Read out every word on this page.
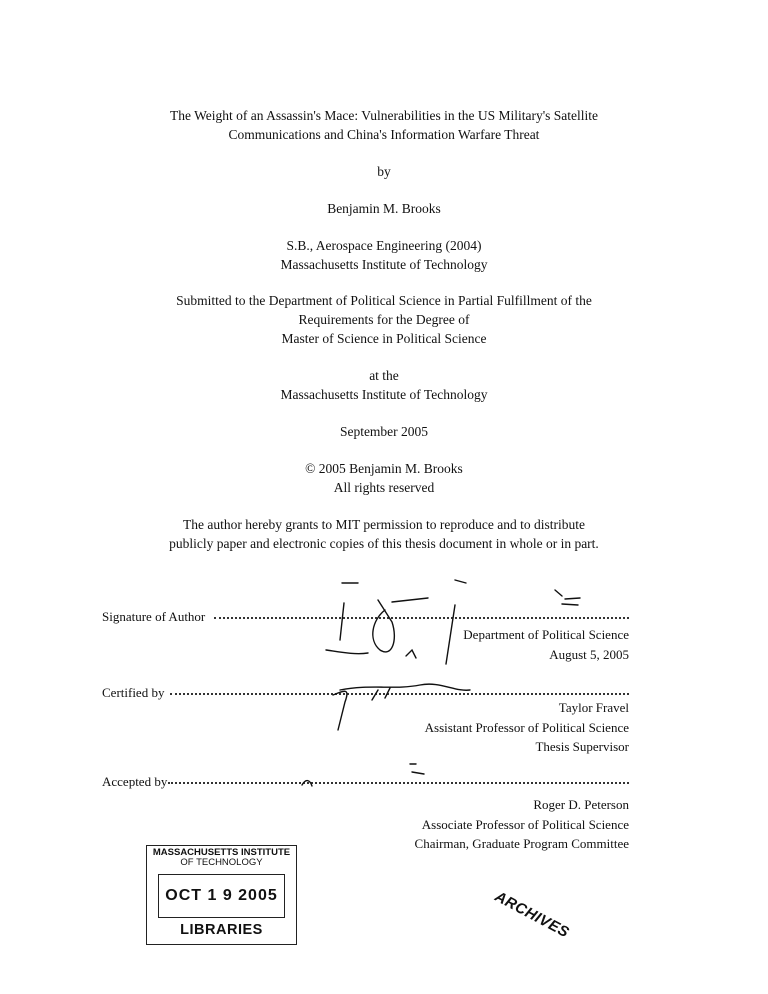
The Weight of an Assassin's Mace: Vulnerabilities in the US Military's Satellite
Communications and China's Information Warfare Threat
by
Benjamin M. Brooks
S.B., Aerospace Engineering (2004)
Massachusetts Institute of Technology
Submitted to the Department of Political Science in Partial Fulfillment of the
Requirements for the Degree of
Master of Science in Political Science
at the
Massachusetts Institute of Technology
September 2005
© 2005 Benjamin M. Brooks
All rights reserved
The author hereby grants to MIT permission to reproduce and to distribute
publicly paper and electronic copies of this thesis document in whole or in part.
Signature of Author
Department of Political Science
August 5, 2005
Certified by
Taylor Fravel
Assistant Professor of Political Science
Thesis Supervisor
Accepted by
Roger D. Peterson
Associate Professor of Political Science
Chairman, Graduate Program Committee
MASSACHUSETTS INSTITUTE
OF TECHNOLOGY
OCT 1 9 2005
LIBRARIES	ARCHIVES
